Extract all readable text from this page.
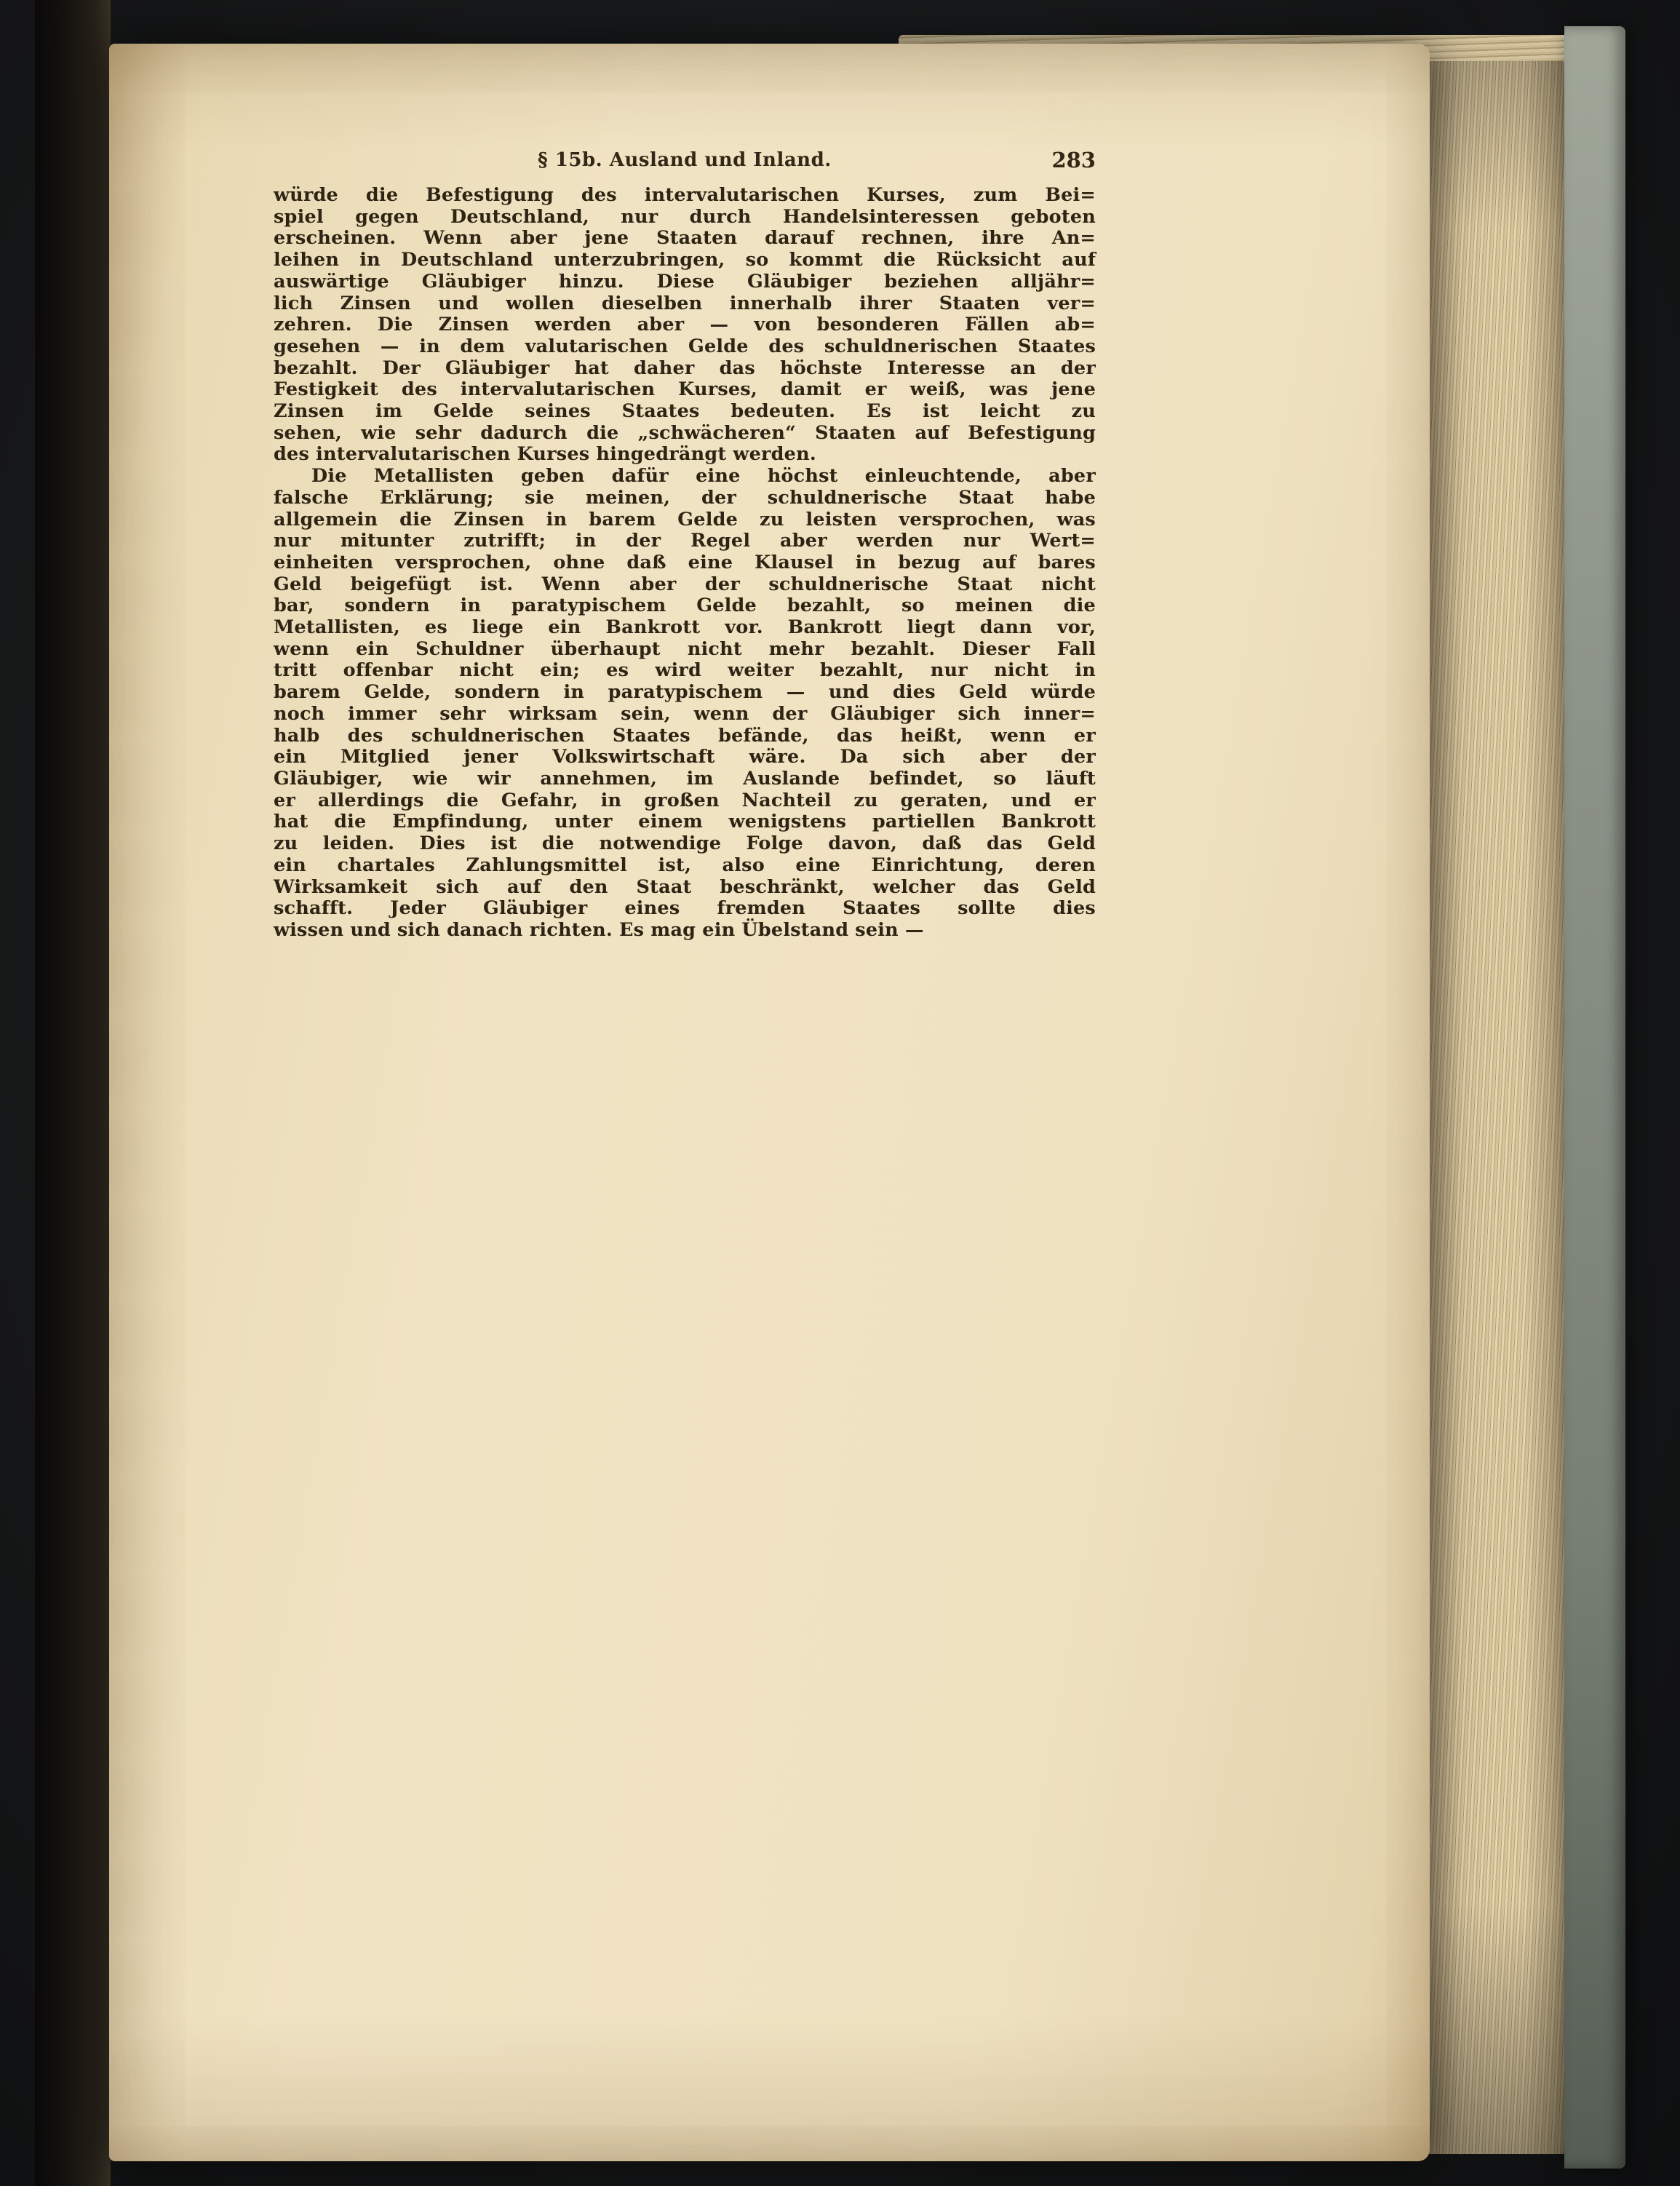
§ 15b. Ausland und Inland.	283
würde die Befestigung des intervalutarischen Kurses, zum Bei=
spiel gegen Deutschland, nur durch Handelsinteressen geboten
erscheinen. Wenn aber jene Staaten darauf rechnen, ihre An=
leihen in Deutschland unterzubringen, so kommt die Rücksicht auf
auswärtige Gläubiger hinzu. Diese Gläubiger beziehen alljähr=
lich Zinsen und wollen dieselben innerhalb ihrer Staaten ver=
zehren. Die Zinsen werden aber — von besonderen Fällen ab=
gesehen — in dem valutarischen Gelde des schuldnerischen Staates
bezahlt. Der Gläubiger hat daher das höchste Interesse an der
Festigkeit des intervalutarischen Kurses, damit er weiß, was jene
Zinsen im Gelde seines Staates bedeuten. Es ist leicht zu
sehen, wie sehr dadurch die „schwächeren“ Staaten auf Befestigung
des intervalutarischen Kurses hingedrängt werden.
Die Metallisten geben dafür eine höchst einleuchtende, aber
falsche Erklärung; sie meinen, der schuldnerische Staat habe
allgemein die Zinsen in barem Gelde zu leisten versprochen, was
nur mitunter zutrifft; in der Regel aber werden nur Wert=
einheiten versprochen, ohne daß eine Klausel in bezug auf bares
Geld beigefügt ist. Wenn aber der schuldnerische Staat nicht
bar, sondern in paratypischem Gelde bezahlt, so meinen die
Metallisten, es liege ein Bankrott vor. Bankrott liegt dann vor,
wenn ein Schuldner überhaupt nicht mehr bezahlt. Dieser Fall
tritt offenbar nicht ein; es wird weiter bezahlt, nur nicht in
barem Gelde, sondern in paratypischem — und dies Geld würde
noch immer sehr wirksam sein, wenn der Gläubiger sich inner=
halb des schuldnerischen Staates befände, das heißt, wenn er
ein Mitglied jener Volkswirtschaft wäre. Da sich aber der
Gläubiger, wie wir annehmen, im Auslande befindet, so läuft
er allerdings die Gefahr, in großen Nachteil zu geraten, und er
hat die Empfindung, unter einem wenigstens partiellen Bankrott
zu leiden. Dies ist die notwendige Folge davon, daß das Geld
ein chartales Zahlungsmittel ist, also eine Einrichtung, deren
Wirksamkeit sich auf den Staat beschränkt, welcher das Geld
schafft. Jeder Gläubiger eines fremden Staates sollte dies
wissen und sich danach richten. Es mag ein Übelstand sein —
